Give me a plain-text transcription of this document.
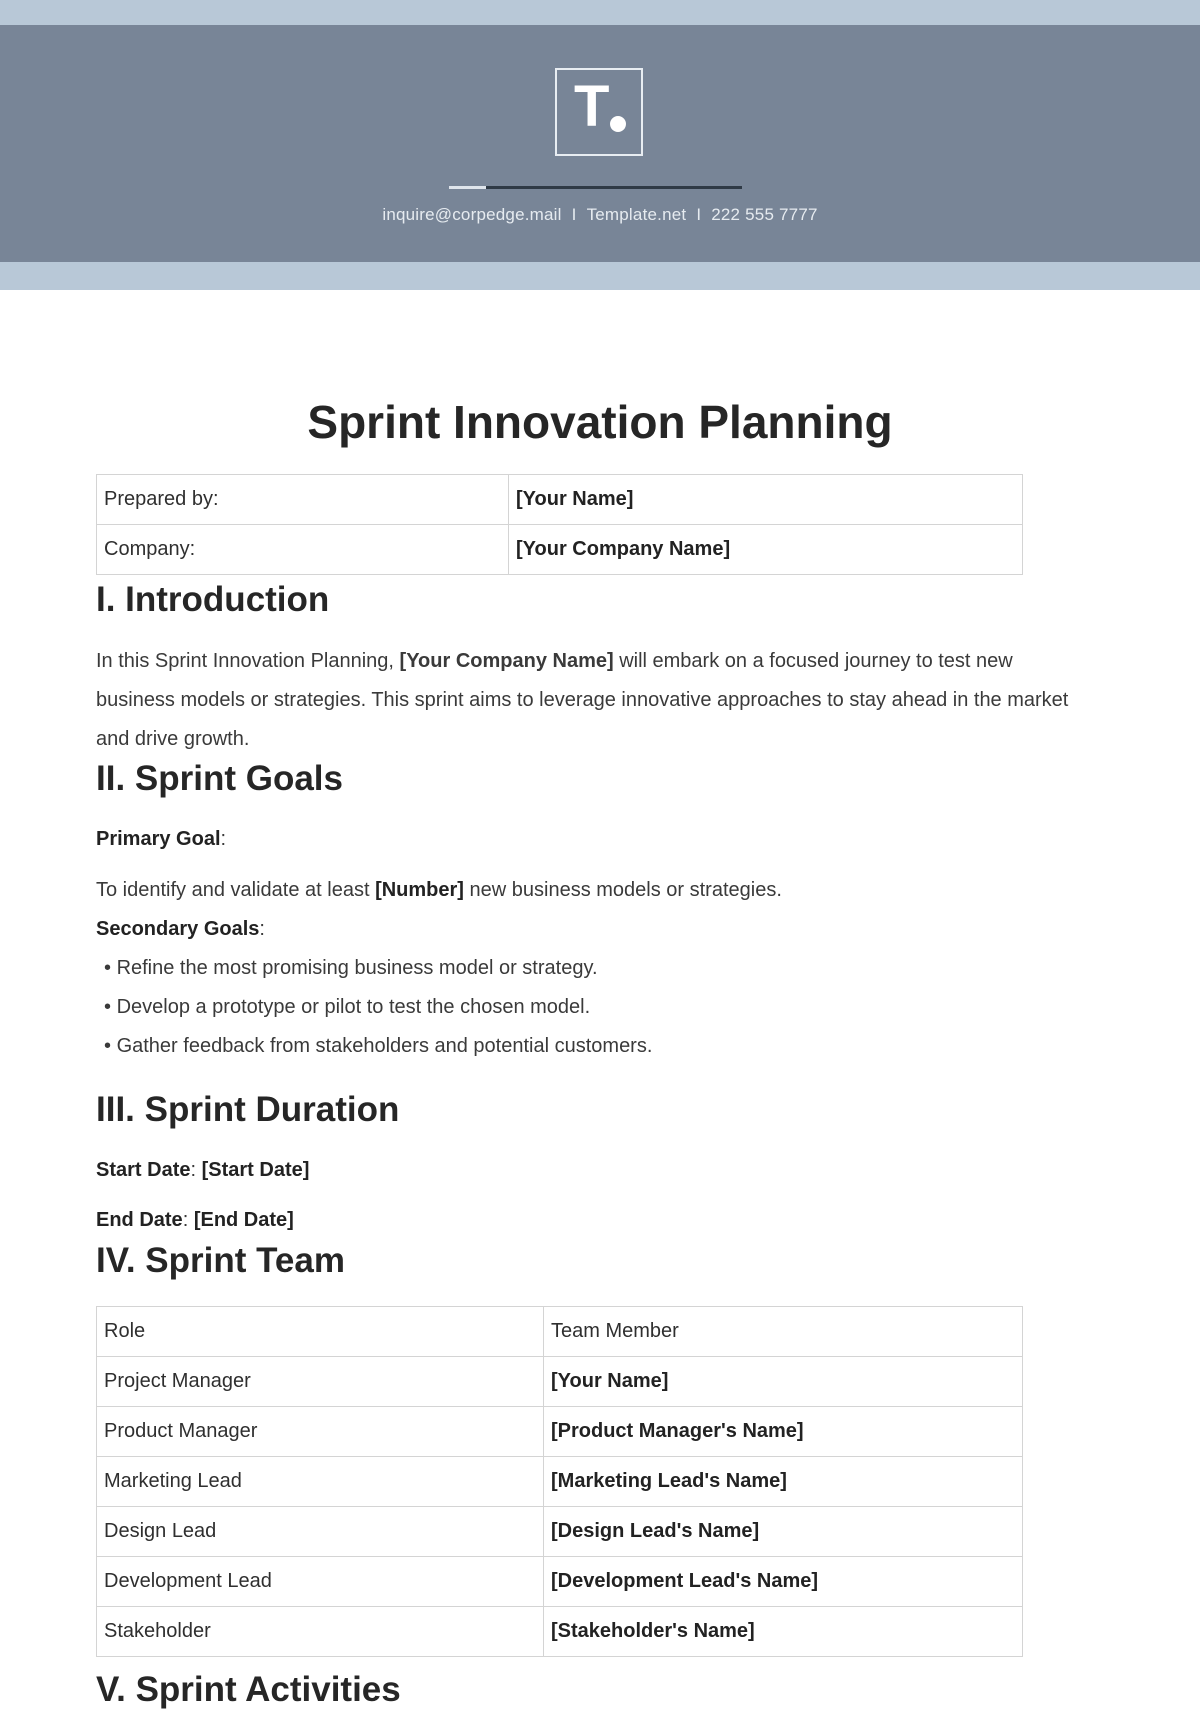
T
inquire@corpedge.mail I Template.net I 222 555 7777
Sprint Innovation Planning
Prepared by:	[Your Name]
Company:	[Your Company Name]
I. Introduction

In this Sprint Innovation Planning, [Your Company Name] will embark on a focused journey to test new business models or strategies. This sprint aims to leverage innovative approaches to stay ahead in the market and drive growth.

II. Sprint Goals

Primary Goal:

To identify and validate at least [Number] new business models or strategies.

Secondary Goals:

• Refine the most promising business model or strategy.

• Develop a prototype or pilot to test the chosen model.

• Gather feedback from stakeholders and potential customers.

III. Sprint Duration

Start Date: [Start Date]

End Date: [End Date]

IV. Sprint Team
Role	Team Member
Project Manager	[Your Name]
Product Manager	[Product Manager's Name]
Marketing Lead	[Marketing Lead's Name]
Design Lead	[Design Lead's Name]
Development Lead	[Development Lead's Name]
Stakeholder	[Stakeholder's Name]
V. Sprint Activities
